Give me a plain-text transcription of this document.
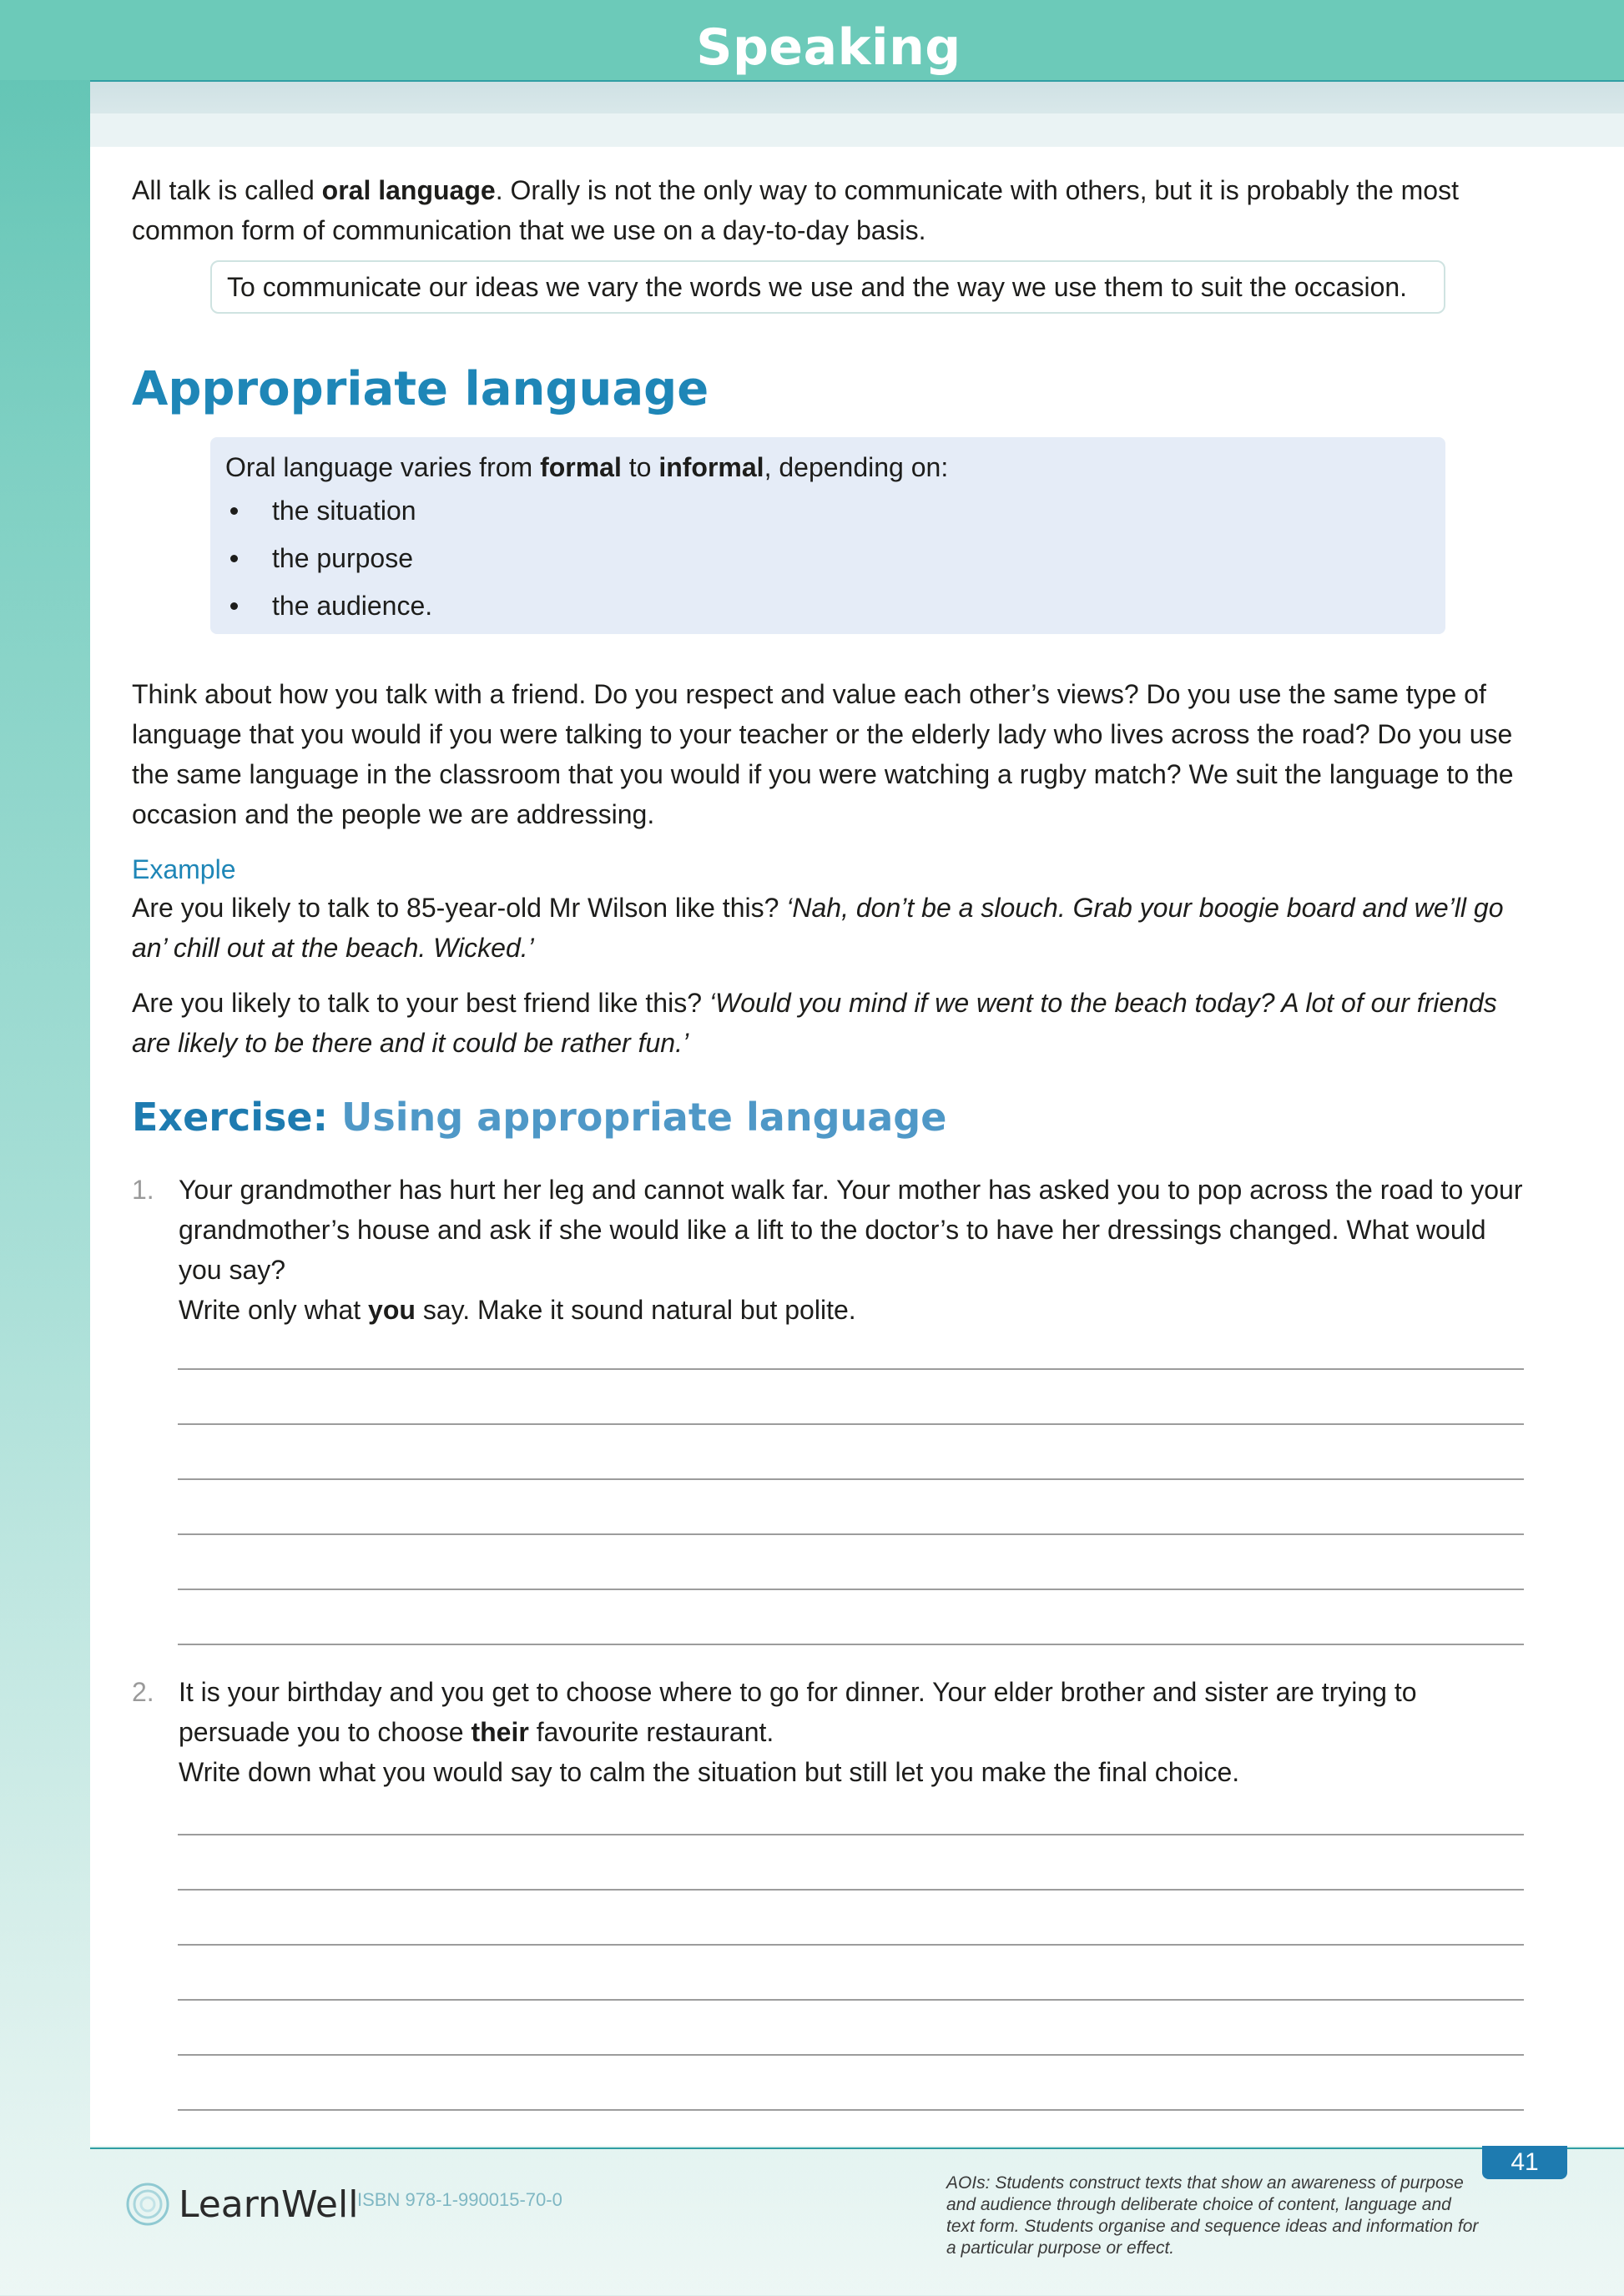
Speaking

All talk is called oral language. Orally is not the only way to communicate with others, but it is probably the most common form of communication that we use on a day-to-day basis.

To communicate our ideas we vary the words we use and the way we use them to suit the occasion.
Appropriate language

Oral language varies from formal to informal, depending on:

the situation
the purpose
the audience.

Think about how you talk with a friend. Do you respect and value each other’s views? Do you use the same type of language that you would if you were talking to your teacher or the elderly lady who lives across the road? Do you use the same language in the classroom that you would if you were watching a rugby match? We suit the language to the occasion and the people we are addressing.

Example

Are you likely to talk to 85-year-old Mr Wilson like this? ‘Nah, don’t be a slouch. Grab your boogie board and we’ll go an’ chill out at the beach. Wicked.’

Are you likely to talk to your best friend like this? ‘Would you mind if we went to the beach today? A lot of our friends are likely to be there and it could be rather fun.’

Exercise: Using appropriate language
1. Your grandmother has hurt her leg and cannot walk far. Your mother has asked you to pop across the road to your grandmother’s house and ask if she would like a lift to the doctor’s to have her dressings changed. What would you say?

Write only what you say. Make it sound natural but polite.

2. It is your birthday and you get to choose where to go for dinner. Your elder brother and sister are trying to persuade you to choose their favourite restaurant.

Write down what you would say to calm the situation but still let you make the final choice.

41
LearnWell
ISBN 978-1-990015-70-0
AOIs: Students construct texts that show an awareness of purpose and audience through deliberate choice of content, language and text form. Students organise and sequence ideas and information for a particular purpose or effect.
